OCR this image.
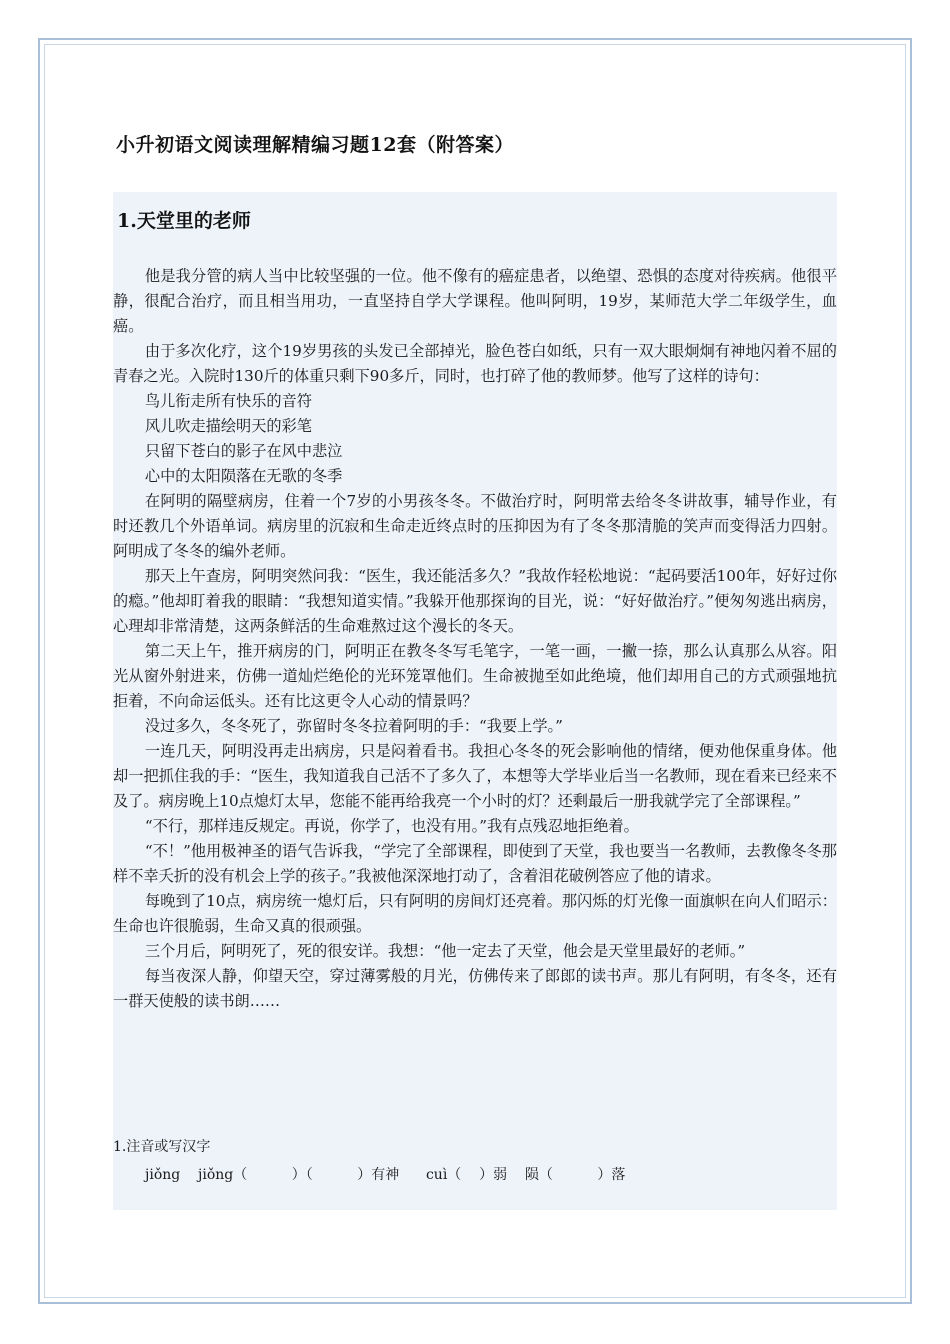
小升初语文阅读理解精编习题12套（附答案）
1.天堂里的老师

他是我分管的病人当中比较坚强的一位。他不像有的癌症患者，以绝望、恐惧的态度对待疾病。他很平静，很配合治疗，而且相当用功，一直坚持自学大学课程。他叫阿明，19岁，某师范大学二年级学生，血癌。

由于多次化疗，这个19岁男孩的头发已全部掉光，脸色苍白如纸，只有一双大眼炯炯有神地闪着不屈的青春之光。入院时130斤的体重只剩下90多斤，同时，也打碎了他的教师梦。他写了这样的诗句：

鸟儿衔走所有快乐的音符

风儿吹走描绘明天的彩笔

只留下苍白的影子在风中悲泣

心中的太阳陨落在无歌的冬季

在阿明的隔壁病房，住着一个7岁的小男孩冬冬。不做治疗时，阿明常去给冬冬讲故事，辅导作业，有时还教几个外语单词。病房里的沉寂和生命走近终点时的压抑因为有了冬冬那清脆的笑声而变得活力四射。阿明成了冬冬的编外老师。

那天上午查房，阿明突然问我：“医生，我还能活多久？”我故作轻松地说：“起码要活100年，好好过你的瘾。”他却盯着我的眼睛：“我想知道实情。”我躲开他那探询的目光，说：“好好做治疗。”便匆匆逃出病房，心理却非常清楚，这两条鲜活的生命难熬过这个漫长的冬天。

第二天上午，推开病房的门，阿明正在教冬冬写毛笔字，一笔一画，一撇一捺，那么认真那么从容。阳光从窗外射进来，仿佛一道灿烂绝伦的光环笼罩他们。生命被抛至如此绝境，他们却用自己的方式顽强地抗拒着，不向命运低头。还有比这更令人心动的情景吗？

没过多久，冬冬死了，弥留时冬冬拉着阿明的手：“我要上学。”

一连几天，阿明没再走出病房，只是闷着看书。我担心冬冬的死会影响他的情绪，便劝他保重身体。他却一把抓住我的手：“医生，我知道我自己活不了多久了，本想等大学毕业后当一名教师，现在看来已经来不及了。病房晚上10点熄灯太早，您能不能再给我亮一个小时的灯？还剩最后一册我就学完了全部课程。”

“不行，那样违反规定。再说，你学了，也没有用。”我有点残忍地拒绝着。

“不！”他用极神圣的语气告诉我，“学完了全部课程，即使到了天堂，我也要当一名教师，去教像冬冬那样不幸夭折的没有机会上学的孩子。”我被他深深地打动了，含着泪花破例答应了他的请求。

每晚到了10点，病房统一熄灯后，只有阿明的房间灯还亮着。那闪烁的灯光像一面旗帜在向人们昭示：生命也许很脆弱，生命又真的很顽强。

三个月后，阿明死了，死的很安详。我想：“他一定去了天堂，他会是天堂里最好的老师。”

每当夜深人静，仰望天空，穿过薄雾般的月光，仿佛传来了郎郎的读书声。那儿有阿明，有冬冬，还有一群天使般的读书朗……

1.注音或写汉字
jiǒng    jiǒng（          ）（          ）有神      cuì（    ）弱    陨（          ）落
